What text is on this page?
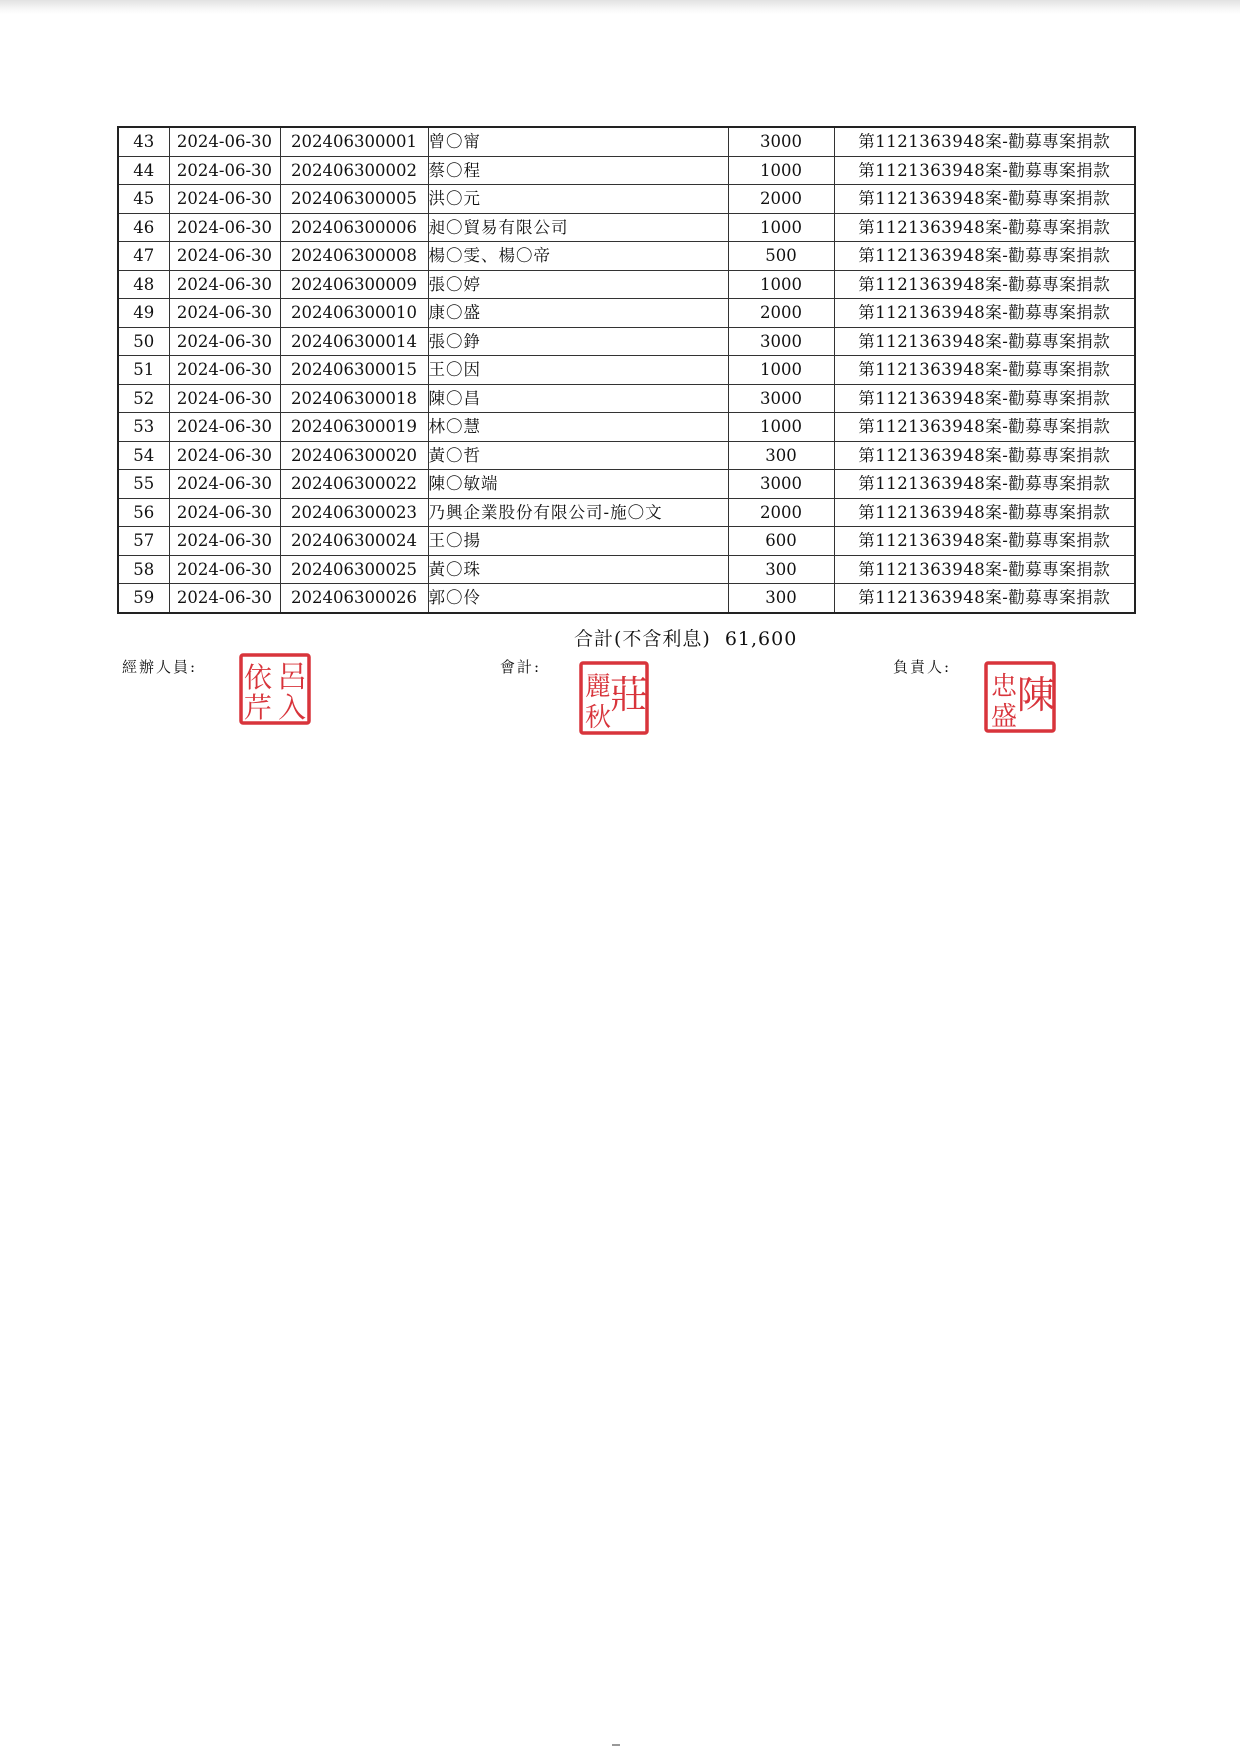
43	2024-06-30	202406300001	曾〇甯	3000	第1121363948案-勸募專案捐款
44	2024-06-30	202406300002	蔡〇程	1000	第1121363948案-勸募專案捐款
45	2024-06-30	202406300005	洪〇元	2000	第1121363948案-勸募專案捐款
46	2024-06-30	202406300006	昶〇貿易有限公司	1000	第1121363948案-勸募專案捐款
47	2024-06-30	202406300008	楊〇雯、楊〇帝	500	第1121363948案-勸募專案捐款
48	2024-06-30	202406300009	張〇婷	1000	第1121363948案-勸募專案捐款
49	2024-06-30	202406300010	康〇盛	2000	第1121363948案-勸募專案捐款
50	2024-06-30	202406300014	張〇錚	3000	第1121363948案-勸募專案捐款
51	2024-06-30	202406300015	王〇因	1000	第1121363948案-勸募專案捐款
52	2024-06-30	202406300018	陳〇昌	3000	第1121363948案-勸募專案捐款
53	2024-06-30	202406300019	林〇慧	1000	第1121363948案-勸募專案捐款
54	2024-06-30	202406300020	黃〇哲	300	第1121363948案-勸募專案捐款
55	2024-06-30	202406300022	陳〇敏端	3000	第1121363948案-勸募專案捐款
56	2024-06-30	202406300023	乃興企業股份有限公司-施〇文	2000	第1121363948案-勸募專案捐款
57	2024-06-30	202406300024	王〇揚	600	第1121363948案-勸募專案捐款
58	2024-06-30	202406300025	黃〇珠	300	第1121363948案-勸募專案捐款
59	2024-06-30	202406300026	郭〇伶	300	第1121363948案-勸募專案捐款
合計(不含利息) 61,600
經辦人員:	會計:	負責人:
呂
依
芹 入	莊
麗
秋
陳
忠
盛
